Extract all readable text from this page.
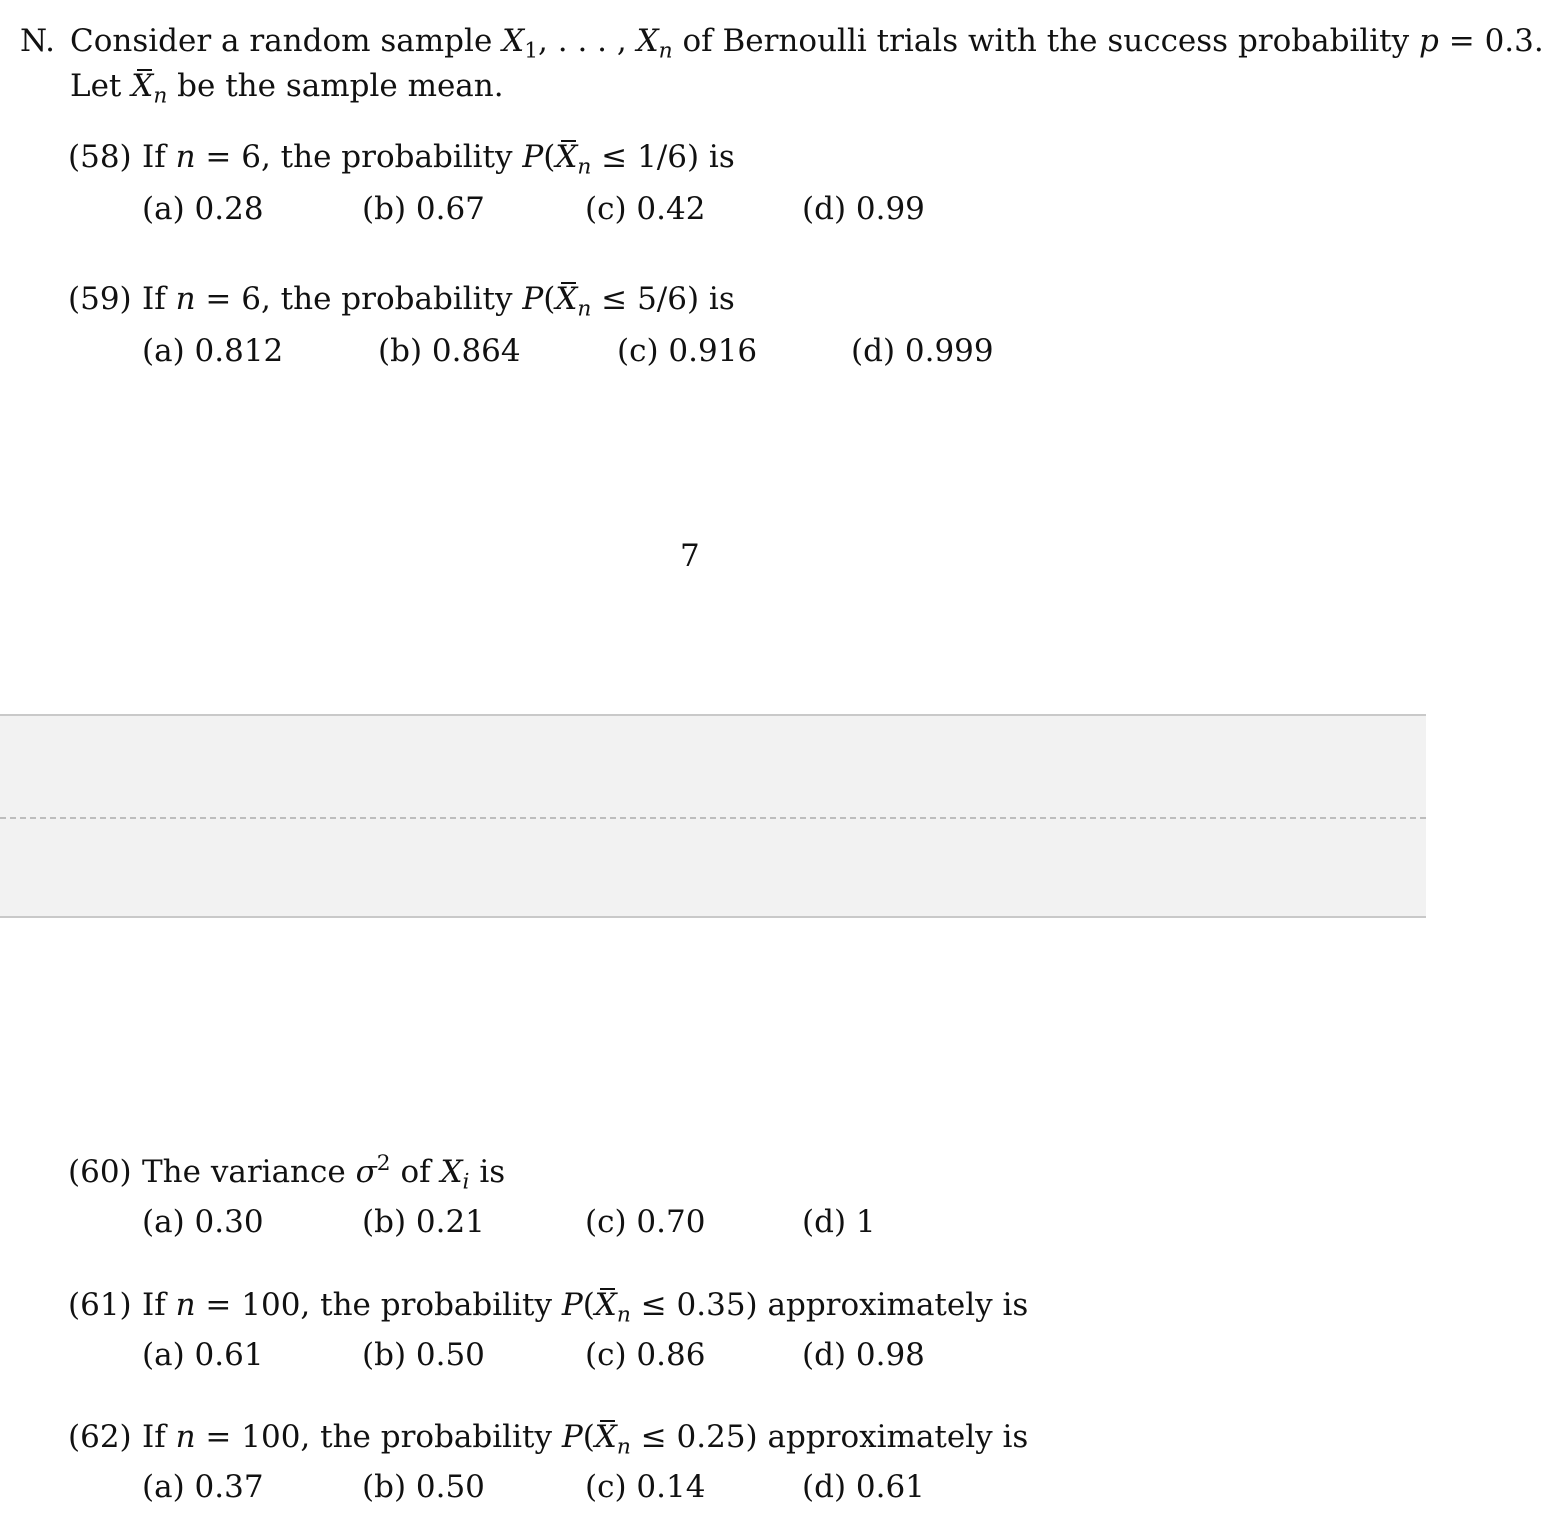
N. Consider a random sample $X_1$, . . . , $X_n$ of Bernoulli trials with the success probability p = 0.3.
Let $X_n$ be the sample mean.
(58) If n = 6, the probability $P(X_n \le 1/6)$ is
(a) 0.28	(b) 0.67	(c) 0.42	(d) 0.99
(59) If n = 6, the probability $P(X_n \le 5/6)$ is
(a) 0.812	(b) 0.864	(c) 0.916	(d) 0.999
7
(60) The variance $\sigma^2$ of $X_i$ is
(a) 0.30	(b) 0.21	(c) 0.70	(d) 1
(61) If n = 100, the probability $P(X_n \le 0.35)$ approximately is
(a) 0.61	(b) 0.50	(c) 0.86	(d) 0.98
(62) If n = 100, the probability $P(X_n \le 0.25)$ approximately is
(a) 0.37	(b) 0.50	(c) 0.14	(d) 0.61
